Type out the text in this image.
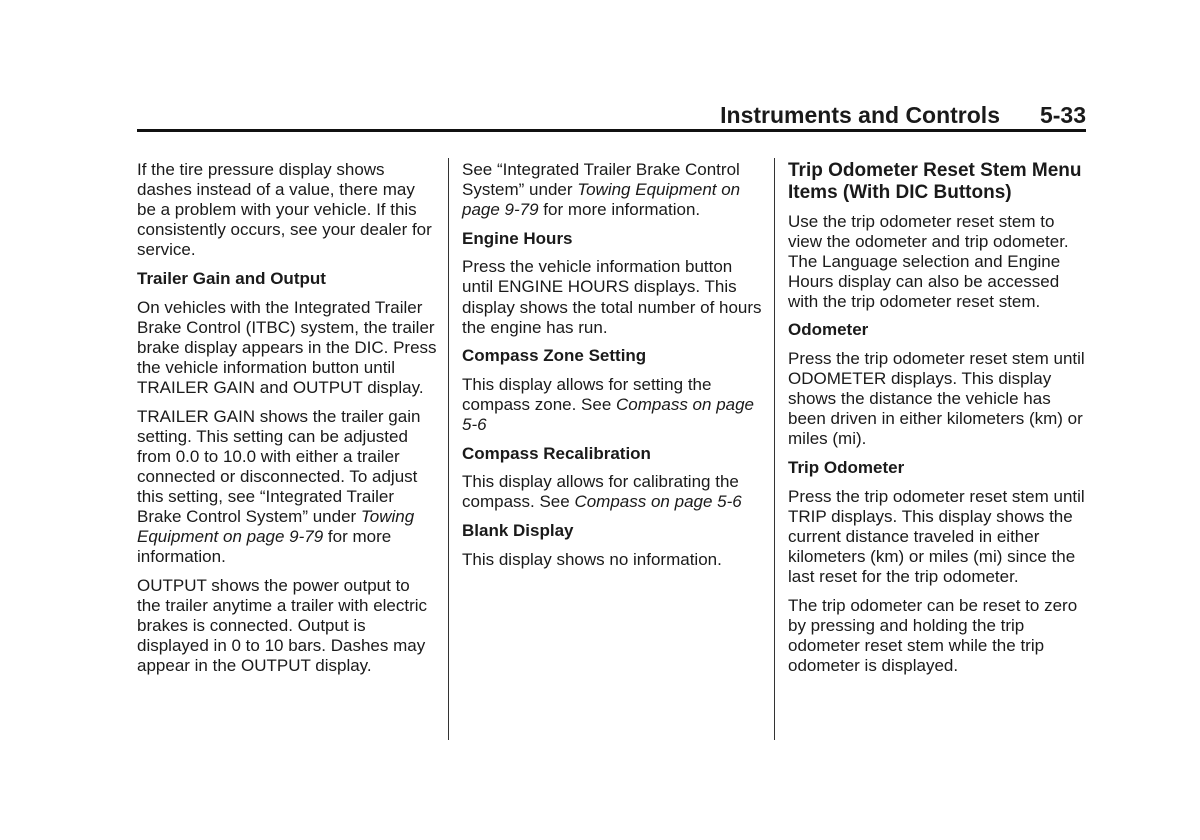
Instruments and Controls 5-33

If the tire pressure display shows dashes instead of a value, there may be a problem with your vehicle. If this consistently occurs, see your dealer for service.

Trailer Gain and Output

On vehicles with the Integrated Trailer Brake Control (ITBC) system, the trailer brake display appears in the DIC. Press the vehicle information button until TRAILER GAIN and OUTPUT display.

TRAILER GAIN shows the trailer gain setting. This setting can be adjusted from 0.0 to 10.0 with either a trailer connected or disconnected. To adjust this setting, see “Integrated Trailer Brake Control System” under Towing Equipment on page 9-79 for more information.

OUTPUT shows the power output to the trailer anytime a trailer with electric brakes is connected. Output is displayed in 0 to 10 bars. Dashes may appear in the OUTPUT display.

See “Integrated Trailer Brake Control System” under Towing Equipment on page 9-79 for more information.

Engine Hours

Press the vehicle information button until ENGINE HOURS displays. This display shows the total number of hours the engine has run.

Compass Zone Setting

This display allows for setting the compass zone. See Compass on page 5-6

Compass Recalibration

This display allows for calibrating the compass. See Compass on page 5-6

Blank Display

This display shows no information.

Trip Odometer Reset Stem Menu Items (With DIC Buttons)

Use the trip odometer reset stem to view the odometer and trip odometer. The Language selection and Engine Hours display can also be accessed with the trip odometer reset stem.

Odometer

Press the trip odometer reset stem until ODOMETER displays. This display shows the distance the vehicle has been driven in either kilometers (km) or miles (mi).

Trip Odometer

Press the trip odometer reset stem until TRIP displays. This display shows the current distance traveled in either kilometers (km) or miles (mi) since the last reset for the trip odometer.

The trip odometer can be reset to zero by pressing and holding the trip odometer reset stem while the trip odometer is displayed.
